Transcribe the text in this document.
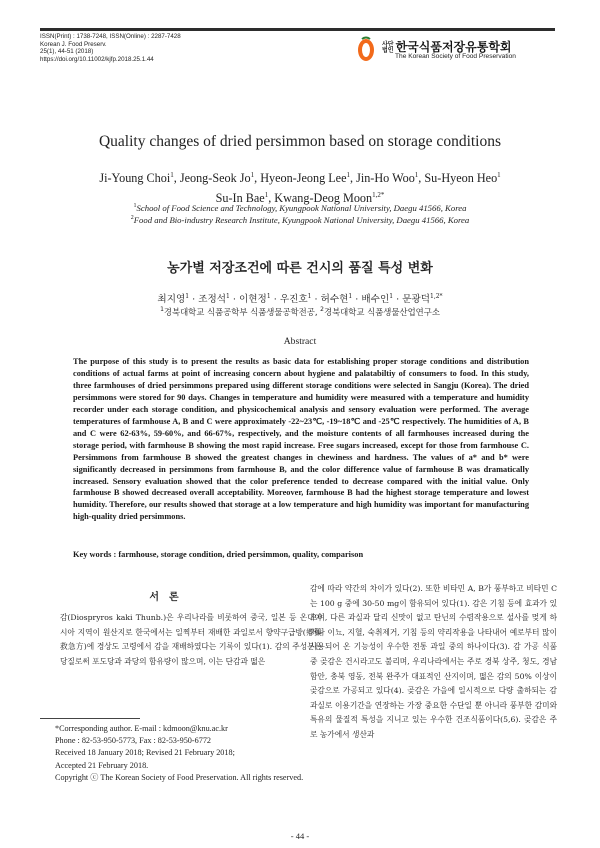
ISSN(Print) : 1738-7248, ISSN(Online) : 2287-7428
Korean J. Food Preserv.
25(1), 44-51 (2018)
https://doi.org/10.11002/kjfp.2018.25.1.44
사단
법인 한국식품저장유통학회
The Korean Society of Food Preservation
Quality changes of dried persimmon based on storage conditions
Ji-Young Choi$^1$, Jeong-Seok Jo$^1$, Hyeon-Jeong Lee$^1$, Jin-Ho Woo$^1$, Su-Hyeon Heo$^1$
Su-In Bae$^1$, Kwang-Deog Moon$^{1,2*}$
$^1$School of Food Science and Technology, Kyungpook National University, Daegu 41566, Korea
$^2$Food and Bio-industry Research Institute, Kyungpook National University, Daegu 41566, Korea
농가별 저장조건에 따른 건시의 품질 특성 변화
최지영$^1$ · 조정석$^1$ · 이현정$^1$ · 우진호$^1$ · 허수현$^1$ · 배수인$^1$ · 문광덕$^{1,2*}$
$^1$경북대학교 식품공학부 식품생물공학전공, $^2$경북대학교 식품생물산업연구소
Abstract
The purpose of this study is to present the results as basic data for establishing proper storage conditions and distribution conditions of actual farms at point of increasing concern about hygiene and palatabiltiy of consumers to food. In this study, three farmhouses of dried persimmons prepared using different storage conditions were selected in Sangju (Korea). The dried persimmons were stored for 90 days. Changes in temperature and humidity were measured with a temperature and humidity recorder under each storage condition, and physicochemical analysis and sensory evaluation were performed. The average temperatures of farmhouse A, B and C were approximately -22~23℃, -19~18℃ and -25℃ respectively. The humidities of A, B and C were 62-63%, 59-60%, and 66-67%, respectively, and the moisture contents of all farmhouses increased during the storage period, with farmhouse B showing the most rapid increase. Free sugars increased, except for those from farmhouse C. Persimmons from farmhouse B showed the greatest changes in chewiness and hardness. The values of a* and b* were significantly decreased in persimmons from farmhouse B, and the color difference value of farmhouse B was dramatically increased. Sensory evaluation showed that the color preference tended to decrease compared with the initial value. Only farmhouse B showed decreased overall acceptability. Moreover, farmhouse B had the highest storage temperature and lowest humidity. Therefore, our results showed that storage at a low temperature and high humidity was important for manufacturing high-quality dried persimmons.
Key words : farmhouse, storage condition, dried persimmon, quality, comparison
서론

감(Diospryros kaki Thunb.)은 우리나라를 비롯하여 중국, 일본 등 온대아시아 지역이 원산지로 한국에서는 일찍부터 재배한 과일로서 향약구급방(鄕藥救急方)에 경상도 고령에서 감을 재배하였다는 기록이 있다(1). 감의 주성분은 당질로써 포도당과 과당의 함유량이 많으며, 이는 단감과 떫은

감에 따라 약간의 차이가 있다(2). 또한 비타민 A, B가 풍부하고 비타민 C는 100 g 중에 30-50 mg이 함유되어 있다(1). 감은 기침 등에 효과가 있으며, 다른 과실과 달리 신맛이 없고 탄닌의 수렴작용으로 설사를 멎게 하거나 이뇨, 지혈, 숙취제거, 기침 등의 약리작용을 나타내어 예로부터 많이 사용되어 온 기능성이 우수한 전통 과일 중의 하나이다(3). 감 가공 식품 중 곶감은 건시라고도 불리며, 우리나라에서는 주로 경북 상주, 청도, 경남 함안, 충북 영동, 전북 완주가 대표적인 산지이며, 떫은 감의 50% 이상이 곶감으로 가공되고 있다(4). 곶감은 가을에 일시적으로 다량 출하되는 감 과실로 이용기간을 연장하는 가장 중요한 수단일 뿐 아니라 풍부한 감미와 특유의 물질적 특성을 지니고 있는 우수한 건조식품이다(5,6). 곶감은 주로 농가에서 생산과

*Corresponding author. E-mail : kdmoon@knu.ac.kr
Phone : 82-53-950-5773, Fax : 82-53-950-6772
Received 18 January 2018; Revised 21 February 2018;
Accepted 21 February 2018.
Copyright ⓒ The Korean Society of Food Preservation. All rights reserved.
- 44 -
